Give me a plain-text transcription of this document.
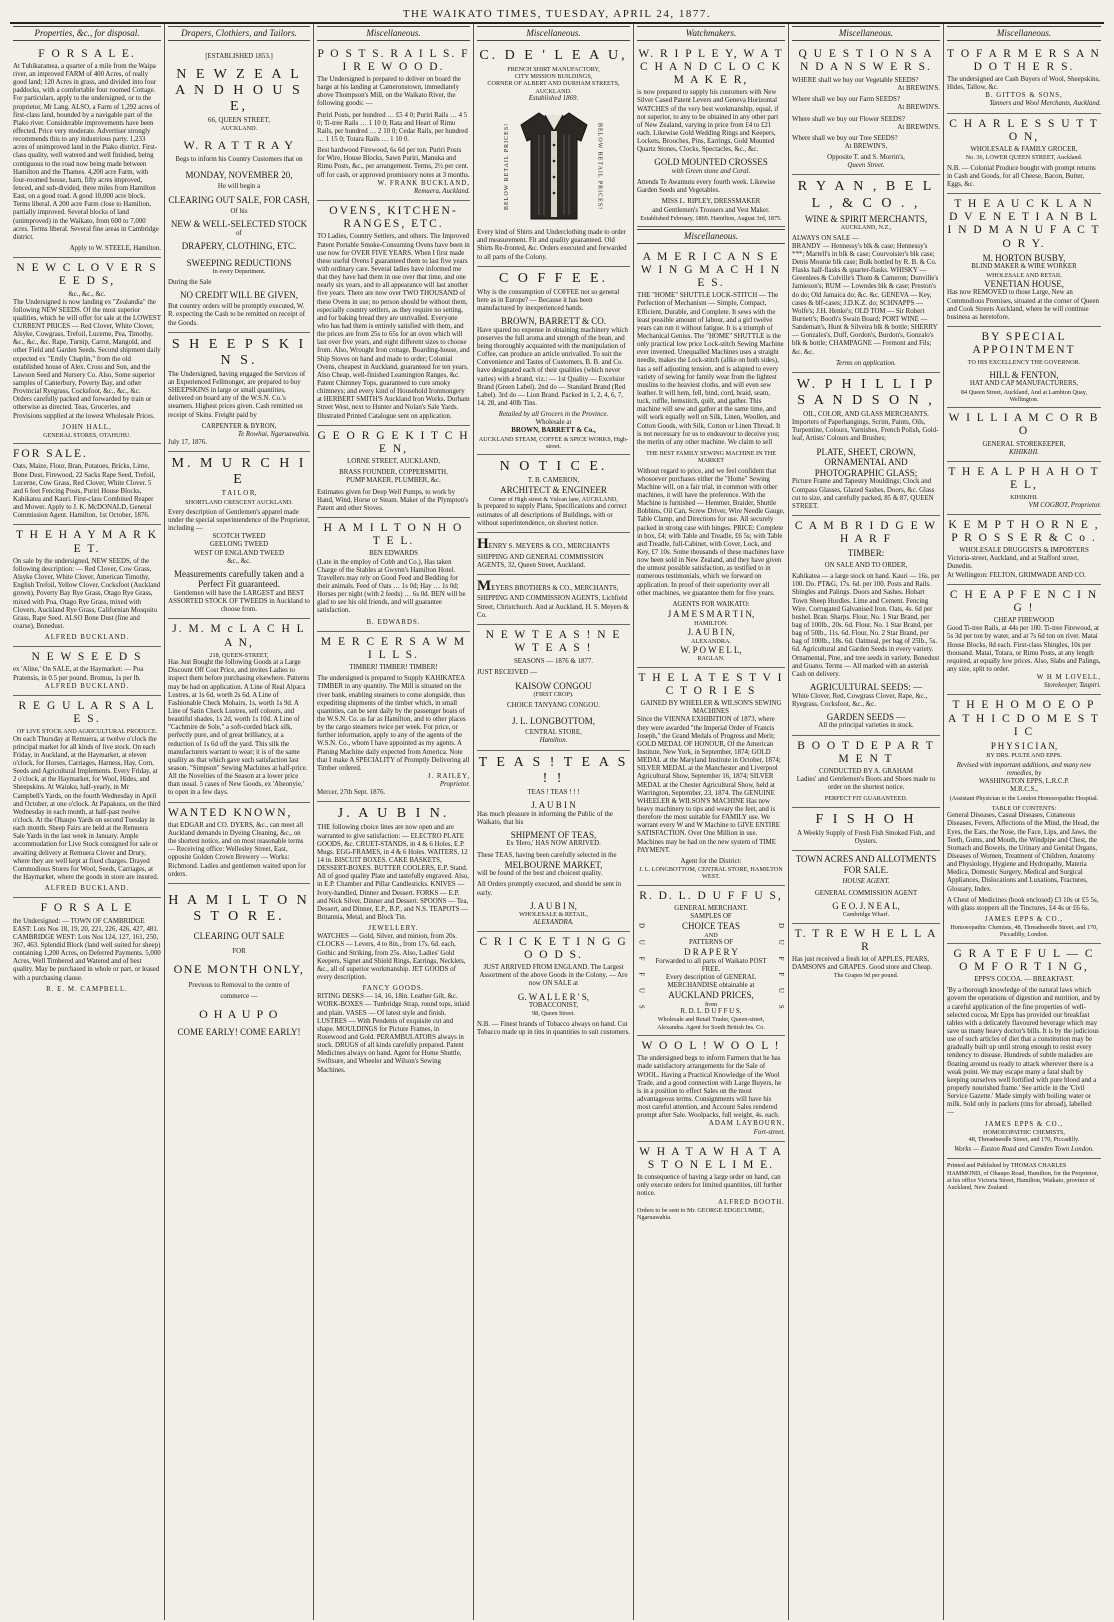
THE WAIKATO TIMES, TUESDAY, APRIL 24, 1877.
Properties, &c., for disposal.
F O R S A L E.
At Tuhikaramea, a quarter of a mile from the Waipa river, an improved FARM of 400 Acres, of really good land; 120 Acres in grass, and divided into four paddocks, with a comfortable four roomed Cottage. For particulars, apply to the undersigned, or to the proprietor, Mr Lang. ALSO, a Farm of 1,292 acres of first-class land, bounded by a navigable part of the Piako river. Considerable improvements have been effected. Price very moderate. Advertiser strongly recommends this to any industrious party. 1,233 acres of unimproved land in the Piako district. First-class quality, well watered and well finished, being contiguous to the road now being made between Hamilton and the Thames. 4,200 acre Farm, with four-roomed house, barn, fifty acres improved, fenced, and sub-divided, three miles from Hamilton East, on a good road. A good 10,000 acre block. Terms liberal. A 200 acre Farm close to Hamilton, partially improved. Several blocks of land (unimproved) in the Waikato, from 600 to 7,000 acres. Terms liberal. Several fine areas in Cambridge district.
Apply to W. STEELE, Hamilton.
N E W C L O V E R S E E D S,
&c., &c., &c.
The Undersigned is now landing ex "Zealandia" the following NEW SEEDS. Of the most superior qualities, which he will offer for sale at the LOWEST CURRENT PRICES — Red Clover, White Clover, Alsyke, Cowgrass, Trefoil, Lucerne, Pea, Timothy, &c., &c., &c. Rape, Turnip, Carrot, Mangold, and other Field and Garden Seeds. Second shipment daily expected ex "Emily Chaplin," from the old established house of Alex. Cross and Son, and the Lawson Seed and Nursery Co. Also, Some superior samples of Canterbury, Poverty Bay, and other Provincial Ryegrass, Cocksfoot, &c., &c., &c. Orders carefully packed and forwarded by train or otherwise as directed. Teas, Groceries, and Provisions supplied at the lowest Wholesale Prices.
JOHN HALL,
GENERAL STORES, OTAHUHU.
FOR SALE.
Oats, Maize, Flour, Bran, Potatoes, Bricks, Lime, Bone Dust, Firewood, 22 Sacks Rape Seed, Trefoil, Lucerne, Cow Grass, Red Clover, White Clover. 5 and 6 feet Fencing Posts, Puriri House Blocks, Kahikatea and Kauri. First-class Combined Reaper and Mower. Apply to J. K. McDONALD, General Commission Agent. Hamilton, 1st October, 1876.
T H E H A Y M A R K E T.
On sale by the undersigned, NEW SEEDS, of the following description: — Red Clover, Cow Grass, Alsyke Clover, White Clover, American Timothy, English Trefoil, Yellow Clover, Cocksfoot (Auckland grown), Poverty Bay Rye Grass, Otago Rye Grass, mixed with Poa, Otago Rye Grass, mixed with Clovers, Auckland Rye Grass, Californian Mosquito Grass, Rape Seed. ALSO Bone Dust (fine and coarse), Bonedust.
ALFRED BUCKLAND.
N E W S E E D S
ex 'Aline,' On SALE, at the Haymarket: — Poa Pratensis, in 0.5 per pound. Bromus, 1s per lb.
ALFRED BUCKLAND.
R E G U L A R S A L E S.
OF LIVE STOCK AND AGRICULTURAL PRODUCE.
On each Thursday at Remuera, at twelve o'clock the principal market for all kinds of live stock. On each Friday, in Auckland, at the Haymarket, at eleven o'clock, for Horses, Carriages, Harness, Hay, Corn, Seeds and Agricultural Implements. Every Friday, at 2 o'clock, at the Haymarket, for Wool, Hides, and Sheepskins. At Waiuku, half-yearly, in Mr Campbell's Yards, on the fourth Wednesday in April and October, at one o'clock. At Papakura, on the third Wednesday in each month, at half-past twelve o'clock. At the Ohaupo Yards on second Tuesday in each month. Sheep Fairs are held at the Remuera Sale Yards in the last week in January. Ample accommodation for Live Stock consigned for sale or awaiting delivery at Remuera Clover and Drury, where they are well kept at fixed charges. Drayed Commodious Stores for Wool, Seeds, Carriages, at the Haymarket, where the goods in store are insured.
ALFRED BUCKLAND.
F O R S A L E
the Undersigned: — TOWN OF CAMBRIDGE EAST: Lots Nos 18, 19, 20, 221, 226, 426, 427, 481. CAMBRIDGE WEST: Lots Nos 124, 127, 161, 250, 367, 463. Splendid Block (land well suited for sheep) containing 1,200 Acres, on Deferred Payments. 5,000 Acres, Well Timbered and Watered and of best quality. May be purchased in whole or part, or leased with a purchasing clause.
R. E. M. CAMPBELL.
Drapers, Clothiers, and Tailors.
[ESTABLISHED 1853.]
N E W Z E A L A N D H O U S E,
66, QUEEN STREET,
AUCKLAND.
W. R A T T R A Y
Begs to inform his Country Customers that on
MONDAY, NOVEMBER 20,
He will begin a
CLEARING OUT SALE, FOR CASH,
Of his
NEW & WELL-SELECTED STOCK
of
DRAPERY, CLOTHING, ETC.
SWEEPING REDUCTIONS
In every Department.
During the Sale
NO CREDIT WILL BE GIVEN,
But country orders will be promptly executed, W. R. expecting the Cash to be remitted on receipt of the Goods.
S H E E P S K I N S.
The Undersigned, having engaged the Services of an Experienced Fellmonger, are prepared to buy SHEEPSKINS in large or small quantities, delivered on board any of the W.S.N. Co.'s steamers. Highest prices given. Cash remitted on receipt of Skins. Freight paid by
CARPENTER & BYRON,
Te Rowhai, Ngaruawahia.
July 17, 1876.
M. M U R C H I E
T A I L O R,
SHORTLAND CRESCENT AUCKLAND.
Every description of Gentlemen's apparel made under the special superintendence of the Proprietor, including —
SCOTCH TWEED
GEELONG TWEED
WEST OF ENGLAND TWEED
&c., &c.
Measurements carefully taken and a Perfect Fit guaranteed.
Gentlemen will have the LARGEST and BEST ASSORTED STOCK OF TWEEDS in Auckland to choose from.
J. M. M c L A C H L A N,
218, QUEEN-STREET,
Has Just Bought the following Goods at a Large Discount Off Cost Price, and invites Ladies to inspect them before purchasing elsewhere. Patterns may be had on application. A Line of Real Alpaca Lustres, at 1s 6d, worth 2s 6d. A Line of Fashionable Check Mohairs, 1s, worth 1s 9d. A Line of Satin Check Lustres, self colours, and beautiful shades, 1s 2d, worth 1s 10d. A Line of "Cachmire de Sole," a soft-corded black silk, perfectly pure, and of great brilliancy, at a reduction of 1s 6d off the yard. This silk the manufacturers warrant to wear; it is of the same quality as that which gave such satisfaction last season. "Simpson" Sewing Machines at half-price. All the Novelties of the Season at a lower price than usual. 5 cases of New Goods, ex 'Abeonyie,' to open in a few days.
WANTED KNOWN,
that EDGAR and CO. DYERS, &c., can meet all Auckland demands in Dyeing Cleaning, &c., on the shortest notice, and on most reasonable terms — Receiving office: Wellesley Street, East, opposite Golden Crown Brewery — Works: Richmond. Ladies and gentlemen waited upon for orders.
H A M I L T O N S T O R E.
CLEARING OUT SALE
FOR
ONE MONTH ONLY,
Previous to Removal to the centre of
commerce —
O H A U P O
COME EARLY! COME EARLY!
Miscellaneous.
P O S T S. R A I L S. F I R E W O O D.
The Undersigned is prepared to deliver on board the barge at his landing at Cameronstown, immediately above Thompson's Mill, on the Waikato River, the following goods: —
Puriri Posts, per hundred … £5 4 0; Puriri Rails … 4 5 0; Ti-tree Rails … 1 10 0; Rata and Heart of Rimu Rails, per hundred … 2 10 0; Cedar Rails, per hundred … 1 15 0; Totara Rails … 1 10 0.
Best hardwood Firewood, 6s 6d per ton. Puriri Posts for Wire, House Blocks, Sawn Puriri, Manuka and Rimu Posts, &c., per arrangement. Terms, 2½ per cent. off for cash, or approved promissory notes at 3 months.
W. FRANK BUCKLAND,
Remuera, Auckland.
OVENS, KITCHEN-RANGES, ETC.
TO Ladies, Country Settlers, and others. The Improved Patent Portable Smoke-Consuming Ovens have been in use now for OVER FIVE YEARS. When I first made these useful Ovens I guaranteed them to last five years with ordinary care. Several ladies have informed me that they have had them in use over that time, and one nearly six years, and to all appearance will last another five years. There are now over TWO THOUSAND of these Ovens in use; no person should be without them, especially country settlers, as they require no setting, and for baking bread they are unrivalled. Everyone who has had them is entirely satisfied with them, and the prices are from 25s to 65s for an oven which will last over five years, and eight different sizes to choose from. Also, Wrought Iron cottage, Boarding-house, and Ship Stoves on hand and made to order; Colonial Ovens, cheapest in Auckland, guaranteed for ten years. Also Cheap, well-finished Leamington Ranges, &c. Patent Chimney Tops, guaranteed to cure smoky chimneys; and every kind of Household Ironmongery at HERBERT SMITH'S Auckland Iron Works, Durham Street West, next to Hunter and Nolan's Sale Yards. Illustrated Printed Catalogue sent on application.
G E O R G E K I T C H E N,
LORNE STREET, AUCKLAND,
BRASS FOUNDER, COPPERSMITH,
PUMP MAKER, PLUMBER, &c.
Estimates given for Deep Well Pumps, to work by Hand, Wind, Horse or Steam. Maker of the Plympton's Patent and other Stoves.
H A M I L T O N H O T E L.
BEN EDWARDS
(Late in the employ of Cobb and Co.), Has taken Charge of the Stables at Gwynn's Hamilton Hotel. Travellers may rely on Good Feed and Bedding for their animals. Feed of Oats … 1s 0d; Hay … 1s 0d; Horses per night (with 2 feeds) … 6s 0d. BEN will be glad to see his old friends, and will guarantee satisfaction.
B. EDWARDS.
M E R C E R S A W M I L L S.
TIMBER! TIMBER! TIMBER!
The undersigned is prepared to Supply KAHIKATEA TIMBER in any quantity. The Mill is situated on the river bank, enabling steamers to come alongside, thus expediting shipments of the timber which, in small quantities, can be sent daily by the passenger boats of the W.S.N. Co. as far as Hamilton, and to other places by the cargo steamers twice per week. For price, or further information, apply to any of the agents of the W.S.N. Co., whom I have appointed as my agents. A Planing Machine daily expected from America. Note that I make A SPECIALITY of Promptly Delivering all Timber ordered.
J. RAILEY,
Proprietor.
Mercer, 27th Sept. 1876.
J. A U B I N.
THE following choice lines are now open and are warranted to give satisfaction: — ELECTRO PLATE GOODS, &c. CRUET-STANDS, in 4 & 6 Holes, E.P. Mugs. EGG-FRAMES, in 4 & 6 Holes. WAITERS, 12 14 in. BISCUIT BOXES. CAKE BASKETS, DESSERT-BOXES. BUTTER COOLERS, E.P. Stand. All of good quality Plate and tastefully engraved. Also, in E.P. Chamber and Pillar Candlesticks. KNIVES — Ivory-handled, Dinner and Dessert. FORKS — E.P. and Nick Silver, Dinner and Dessert. SPOONS — Tea, Dessert, and Dinner, E.P., B.P., and N.S. TEAPOTS — Britannia, Metal, and Block Tin.
JEWELLERY.
WATCHES — Gold, Silver, and minion, from 20s. CLOCKS — Levers, 4 to 8in., from 17s. 6d. each, Gothic and Striking, from 25s. Also, Ladies' Gold Keepers, Signet and Shield Rings, Earrings, Necklets, &c., all of superior workmanship. JET GOODS of every description.
FANCY GOODS.
RITING DESKS — 14, 16, 18in. Leather Gilt, &c. WORK-BOXES — Tunbridge Strap, round tops, inlaid and plain. VASES — Of latest style and finish. LUSTRES — With Pendents of exquisite cut and shape. MOULDINGS for Picture Frames, in Rosewood and Gold. PERAMBULATORS always in stock. DRUGS of all kinds carefully prepared. Patent Medicines always on hand. Agent for Home Shuttle, Swiftsure, and Wheeler and Wilson's Sewing Machines.
Miscellaneous.
C. D E ' L E A U,
FRENCH SHIRT MANUFACTORY,
CITY MISSION BUILDINGS,
CORNER OF ALBERT AND DURHAM STREETS,
AUCKLAND.
Established 1869.
BELOW RETAIL PRICES!	BELOW RETAIL PRICES!
Every kind of Shirts and Underclothing made to order and measurement. Fit and quality guaranteed. Old Shirts Re-fronted, &c. Orders executed and forwarded to all parts of the Colony.
C O F F E E.
Why is the consumption of COFFEE not so general here as in Europe? — Because it has been manufactured by inexperienced hands.
BROWN, BARRETT & CO.
Have spared no expense in obtaining machinery which preserves the full aroma and strength of the bean, and being thoroughly acquainted with the manipulation of Coffee, can produce an article unrivalled. To suit the Convenience and Tastes of Customers, B. B. and Co. have designated each of their qualities (which never varies) with a brand, viz.: — 1st Quality — Excelsior Brand (Green Label). 2nd do — Standard Brand (Red Label). 3rd do — Lion Brand. Packed in 1, 2, 4, 6, 7, 14, 28, and 40lb Tins.
Retailed by all Grocers in the Province.
Wholesale at
BROWN, BARRETT & Co.,
AUCKLAND STEAM, COFFEE & SPICE WORKS, High-street.
N O T I C E.
T. B. CAMERON,
ARCHITECT & ENGINEER
Corner of High street & Vulcan lane, AUCKLAND,
Is prepared to supply Plans, Specifications and correct estimates of all descriptions of Buildings, with or without superintendence, on shortest notice.
HENRY S. MEYERS & CO., MERCHANTS SHIPPING AND GENERAL COMMISSION AGENTS, 32, Queen Street, Auckland.
MEYERS BROTHERS & CO., MERCHANTS, SHIPPING AND COMMISSION AGENTS, Lichfield Street, Christchurch. And at Auckland, H. S. Meyers & Co.
N E W T E A S ! N E W T E A S !
SEASONS — 1876 & 1877.
JUST RECEIVED —
KAISOW CONGOU
(FIRST CROP).
CHOICE TANYANG CONGOU.
J. L. LONGBOTTOM,
CENTRAL STORE,
Hamilton.
T E A S ! T E A S ! !
TEAS ! TEAS ! ! !
J. A U B I N
Has much pleasure in informing the Public of the Waikato, that his
SHIPMENT OF TEAS,
Ex 'Hero,' HAS NOW ARRIVED.
These TEAS, having been carefully selected in the
MELBOURNE MARKET,
will be found of the best and choicest quality.
All Orders promptly executed, and should be sent in early.
J. A U B I N,
WHOLESALE & RETAIL,
ALEXANDRA.
C R I C K E T I N G G O O D S.
JUST ARRIVED FROM ENGLAND. The Largest Assortment of the above Goods in the Colony, — Are now ON SALE at
G. W A L L E R ' S,
TOBACCONIST,
98, Queen Street.
N.B. — Finest brands of Tobacco always on hand. Cut Tobacco made up in tins in quantities to suit customers.
Watchmakers.
W. R I P L E Y, W A T C H A N D C L O C K M A K E R,
is now prepared to supply his customers with New Silver Cased Patent Levers and Geneva Horizontal WATCHES of the very best workmanship, equal, if not superior, to any to be obtained in any other part of New Zealand, varying in price from £4 to £21 each. Likewise Gold Wedding Rings and Keepers, Lockets, Brooches, Pins, Earrings, Gold Mounted Quartz Stones, Clocks, Spectacles, &c., &c.
GOLD MOUNTED CROSSES
with Green stone and Coral.
Attends Te Awamutu every fourth week. Likewise Garden Seeds and Vegetables.
MISS L. RIPLEY, DRESSMAKER
and Gentlemen's Trousers and Vest Maker.
Established February, 1869. Hamilton, August 3rd, 1875.
Miscellaneous.
A M E R I C A N S E W I N G M A C H I N E S.
THE "HOME" SHUTTLE LOCK-STITCH — The Perfection of Mechanism — Simple, Compact, Efficient, Durable, and Complete. It sews with the least possible amount of labour, and a girl twelve years can run it without fatigue. It is a triumph of Mechanical Genius. The "HOME" SHUTTLE is the only practical low price Lock-stitch Sewing Machine ever invented. Unequalled Machines uses a straight needle, makes the Lock-stitch (alike on both sides), has a self adjusting tension, and is adapted to every variety of sewing for family wear from the lightest muslins to the heaviest cloths, and will even sew leather. It will hem, fell, bind, cord, braid, seam, tuck, ruffle, hemstitch, quilt, and gather. This machine will sew and gather at the same time, and will work equally well on Silk, Linen, Woollen, and Cotton Goods, with Silk, Cotton or Linen Thread. It is not necessary for us to endeavour to deceive you; the merits of any other machine. We claim to sell
THE BEST FAMILY SEWING MACHINE IN THE MARKET
Without regard to price, and we feel confident that whosoever purchases either the "Home" Sewing Machine will, on a fair trial, in common with other machines, it will have the preference. With the Machine is furnished — Hemmer, Braider, Shuttle Bobbins, Oil Can, Screw Driver, Wire Needle Gauge, Table Clamp, and Directions for use. All securely packed in strong case with hinges. PRICE: Complete in box, £4; with Table and Treadle, £6 5s; with Table and Treadle, full-Cabinet, with Cover, Lock, and Key, £7 10s. Some thousands of these machines have now been sold in New Zealand, and they have given the utmost possible satisfaction, as testified to in numerous testimonials, which we forward on application. In proof of their superiority over all other machines, we guarantee them for five years.
AGENTS FOR WAIKATO:
J A M E S M A R T I N,
HAMILTON.
J. A U B I N,
ALEXANDRA.
W. P O W E L L,
RAGLAN.
T H E L A T E S T V I C T O R I E S
GAINED BY WHEELER & WILSON'S SEWING MACHINES
Since the VIENNA EXHIBITION of 1873, where they were awarded "the Imperial Order of Francis Joseph," the Grand Medals of Progress and Merit; GOLD MEDAL OF HONOUR, Of the American Institute, New York, in September, 1874; GOLD MEDAL at the Maryland Institute in October, 1874; SILVER MEDAL at the Manchester and Liverpool Agricultural Show, September 16, 1874; SILVER MEDAL at the Chester Agricultural Show, held at Warrington, September, 23, 1874. The GENUINE WHEELER & WILSON'S MACHINE Has new heavy machinery to tips and weary the feet, and is therefore the most suitable for FAMILY use. We warrant every W and W Machine to GIVE ENTIRE SATISFACTION. Over One Million in use. Machines may be had on the new system of TIME PAYMENT.
Agent for the District:
J. L. LONGBOTTOM, CENTRAL STORE, HAMILTON WEST.
R. D. L. D U F F U S,
D U F F U S
GENERAL MERCHANT.
SAMPLES OF
CHOICE TEAS
AND
PATTERNS OF
D R A P E R Y
Forwarded to all parts of Waikato POST FREE.
Every description of GENERAL MERCHANDISE obtainable at
AUCKLAND PRICES,
from
R. D. L. D U F F U S,
Wholesale and Retail Trader, Queen-street, Alexandra. Agent for South British Ins. Co.
D U F F U S
W O O L ! W O O L !
The undersigned begs to inform Farmers that he has made satisfactory arrangements for the Sale of WOOL. Having a Practical Knowledge of the Wool Trade, and a good connection with Large Buyers, he is in a position to effect Sales on the most advantageous terms. Consignments will have his most careful attention, and Account Sales rendered prompt after Sale. Woolpacks, full weight, 4s. each.
ADAM LAYBOURN,
Fort-street.
W H A T A W H A T A S T O N E L I M E.
In consequence of having a large order on hand, can only execute orders for limited quantities, till further notice.
ALFRED BOOTH.
Orders to be sent to Mr. GEORGE EDGECUMBE, Ngaruawahia.
Miscellaneous.
Q U E S T I O N S A N D A N S W E R S.
WHERE shall we buy our Vegetable SEEDS?
At BREWIN'S.
Where shall we buy our Farm SEEDS?
At BREWIN'S.
Where shall we buy our Flower SEEDS?
At BREWIN'S.
Where shall we buy our Tree SEEDS?
At BREWIN'S,
Opposite T. and S. Morrin's,
Queen Street.
R Y A N , B E L L , & C O . ,
WINE & SPIRIT MERCHANTS,
AUCKLAND, N.Z.,
ALWAYS ON SALE —
BRANDY — Hennessy's blk & case; Hennessy's ***; Martell's in blk & case; Courvoisier's blk case; Denis Mounie blk case; Bulk bottled by R. B. & Co. Flasks half-flasks & quarter-flasks. WHISKY — Greenlees & Colville's Thom & Cameron; Dunville's Jamieson's; RUM — Lowndes blk & case; Preston's do do; Old Jamaica do; &c. &c. GENEVA — Key, cases & blf-cases; J.D.K.Z. do; SCHNAPPS — Wolfe's; J.H. Henke's; OLD TOM — Sir Robert Burnett's; Booth's Swain Board; PORT WINE — Sandeman's, Hunt & Silveira blk & bottle; SHERRY — Gonzales's, Duff, Gordon's, Burdon's, Gonzalo's blk & bottle; CHAMPAGNE — Fremont and Fils; &c. &c.
Terms on application.
W. P H I L L I P S A N D S O N ,
OIL, COLOR, AND GLASS MERCHANTS.
Importers of Paperhangings, Scrim, Paints, Oils, Turpentine, Colours, Varnishes, French Polish, Gold-leaf, Artists' Colours and Brushes;
PLATE, SHEET, CROWN, ORNAMENTAL AND PHOTOGRAPHIC GLASS;
Picture Frame and Tapestry Mouldings; Clock and Compass Glasses, Glazed Sashes, Doors, &c. Glass cut to size, and carefully packed, 85 & 87, QUEEN STREET.
C A M B R I D G E W H A R F
TIMBER:
ON SALE AND TO ORDER,
Kahikatea — a large stock on hand. Kauri — 16s. per 100. Do. PT&G, 17s. 6d. per 100. Posts and Rails. Shingles and Palings. Doors and Sashes. Hobart Town Sheep Hurdles. Lime and Cement. Fencing Wire. Corrugated Galvanised Iron. Oats, 4s. 6d per bushel. Bran. Sharps. Flour, No. 1 Star Brand, per bag of 100lb., 20s. 6d. Flour, No. 1 Star Brand, per bag of 50lb., 11s. 6d. Flour, No. 2 Star Brand, per bag of 100lb., 18s. 6d. Oatmeal, per bag of 25lb., 5s. 6d. Agricultural and Garden Seeds in every variety. Ornamental, Pine, and tree seeds in variety. Bonedust and Guano. Terms — All marked with an asterisk Cash on delivery.
AGRICULTURAL SEEDS: —
White Clover, Red, Cowgrass Clover, Rape, &c., Ryegrass, Cocksfoot, &c., &c.
GARDEN SEEDS —
All the principal varieties in stock.
B O O T D E P A R T M E N T
CONDUCTED BY A. GRAHAM
Ladies' and Gentlemen's Boots and Shoes made to order on the shortest notice.
PERFECT FIT GUARANTEED.
F I S H O H
A Weekly Supply of Fresh Fish Smoked Fish, and Oysters.
TOWN ACRES AND ALLOTMENTS FOR SALE.
HOUSE AGENT.
GENERAL COMMISSION AGENT
G E O. J. N E A L,
Cambridge Wharf.
T. T R E W H E L L A R
Has just received a fresh lot of APPLES, PEARS, DAMSONS and GRAPES. Good store and Cheap.
The Grapes 9d per pound.
Miscellaneous.
T O F A R M E R S A N D O T H E R S.
The undersigned are Cash Buyers of Wool, Sheepskins, Hides, Tallow, &c.
B. GITTOS & SONS,
Tanners and Wool Merchants, Auckland.
C H A R L E S S U T T O N,
WHOLESALE & FAMILY GROCER,
No. 36, LOWER QUEEN STREET, Auckland.
N.B. — Colonial Produce bought with prompt returns in Cash and Goods, for all Cheese, Bacon, Butter, Eggs, &c.
T H E A U C K L A N D V E N E T I A N B L I N D M A N U F A C T O R Y.
M. HORTON BUSBY,
BLIND MAKER & WIRE WORKER
WHOLESALE AND RETAIL
VENETIAN HOUSE,
Has now REMOVED to those Large, New an Commodious Premises, situated at the corner of Queen and Cook Streets Auckland, where he will continue business as heretofore.
BY SPECIAL APPOINTMENT
TO HIS EXCELLENCY THE GOVERNOR.
HILL & FENTON,
HAT AND CAP MANUFACTURERS,
84 Queen Street, Auckland, And at Lambton Quay, Wellington.
W I L L I A M C O R B O
GENERAL STOREKEEPER,
KIHIKIHI.
T H E A L P H A H O T E L,
KIHIKIHI.
VM COGBOT, Proprietor.
K E M P T H O R N E , P R O S S E R & C o .
WHOLESALE DRUGGISTS & IMPORTERS
Victoria-street, Auckland, and at Stafford street, Dunedin.
At Wellington: FELTON, GRIMWADE AND CO.
C H E A P F E N C I N G !
CHEAP FIREWOOD
Good Ti-tree Rails, at 44s per 100. Ti-tree Firewood, at 5s 3d per ton by water, and at 7s 6d ton on river. Matai House Blocks, 8d each. First-class Shingles, 10s per thousand. Matai, Totara, or Rimu Posts, at any length required, at equally low prices. Also, Slabs and Palings, any size, split to order.
W H M LOVELL,
Storekeeper, Taupiri.
T H E H O M O E O P A T H I C D O M E S T I C
P H Y S I C I A N,
BY DRS. PULTE AND EPPS.
Revised with important additions, and many new remedies, by
WASHINGTON EPPS, L.R.C.P.
M.R.C.S.,
(Assistant Physician to the London Homoeopathic Hospital.
TABLE OF CONTENTS:
General Diseases, Casual Diseases, Cutaneous Diseases, Fevers, Affections of the Mind, the Head, the Eyes, the Ears, the Nose, the Face, Lips, and Jaws, the Teeth, Gums, and Mouth, the Windpipe and Chest, the Stomach and Bowels, the Urinary and Genital Organs, Diseases of Women, Treatment of Children, Anatomy and Physiology, Hygiene and Hydropathy, Materia Medica, Domestic Surgery, Medical and Surgical Appliances, Dislocations and Luxations, Fractures, Glossary, Index.
A Chest of Medicines (book enclosed) £3 10s or £5 5s, with glass stoppers all the Tinctures, £4 4s or £6 6s.
JAMES EPPS & CO.,
Homoeopathic Chemists, 48, Threadneedle Street, and 170, Piccadilly, London.
G R A T E F U L — C O M F O R T I N G,
EPPS'S COCOA. — BREAKFAST.
'By a thorough knowledge of the natural laws which govern the operations of digestion and nutrition, and by a careful application of the fine properties of well-selected cocoa, Mr Epps has provided our breakfast tables with a delicately flavoured beverage which may save us many heavy doctor's bills. It is by the judicious use of such articles of diet that a constitution may be gradually built up until strong enough to resist every tendency to disease. Hundreds of subtle maladies are floating around us ready to attack wherever there is a weak point. We may escape many a fatal shaft by keeping ourselves well fortified with pure blood and a properly nourished frame.' See article in the 'Civil Service Gazette.' Made simply with boiling water or milk. Sold only in packets (tins for abroad), labelled: —
JAMES EPPS & CO.,
HOMOEOPATHIC CHEMISTS,
48, Threadneedle Street, and 170, Piccadilly.
Works — Euston Road and Camden Town London.
Printed and Published by THOMAS CHARLES HAMMOND, of Ohaupo Road, Hamilton, for the Proprietor, at his office Victoria Street, Hamilton, Waikato, province of Auckland, New Zealand.
